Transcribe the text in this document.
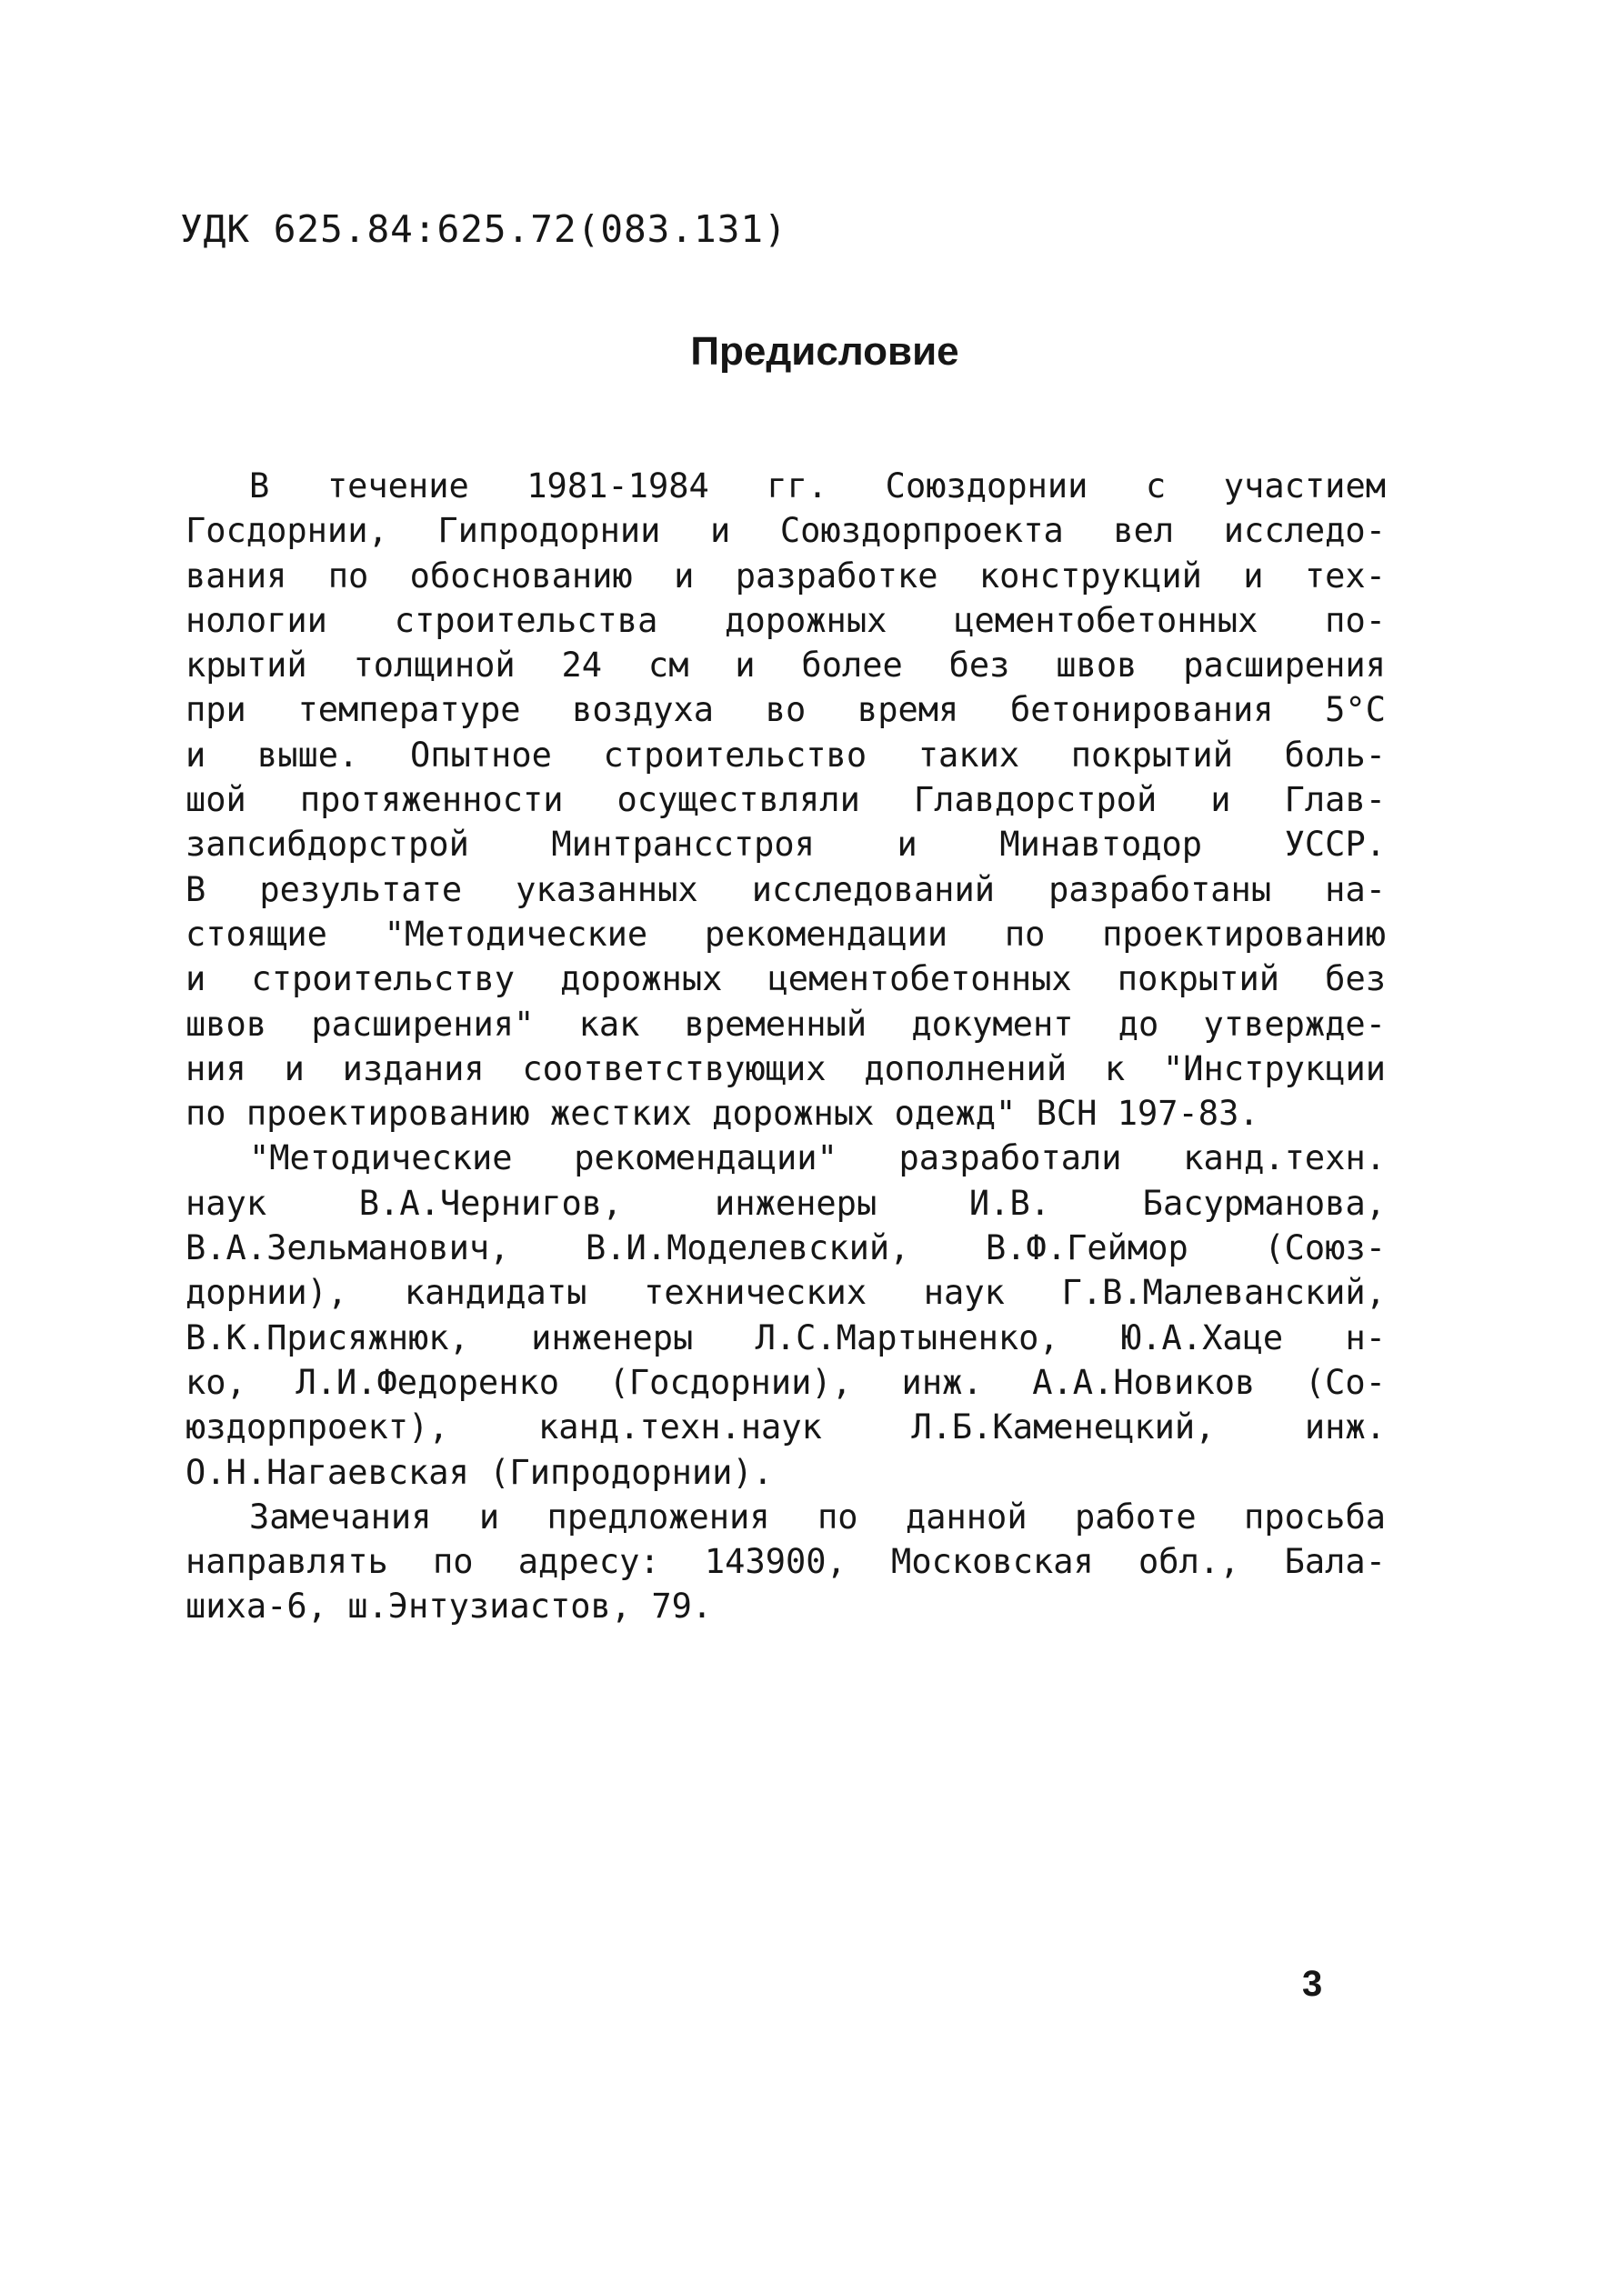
УДК 625.84:625.72(083.131)
Предисловие
В течение 1981-1984 гг. Союздорнии с участием
Госдорнии, Гипродорнии и Союздорпроекта вел исследо-
вания по обоснованию и разработке конструкций и тех-
нологии строительства дорожных цементобетонных по-
крытий толщиной 24 см и более без швов расширения
при температуре воздуха во время бетонирования 5°С
и выше. Опытное строительство таких покрытий боль-
шой протяженности осуществляли Главдорстрой и Глав-
запсибдорстрой Минтрансстроя и Минавтодор УССР.
В результате указанных исследований разработаны на-
стоящие "Методические рекомендации по проектированию
и строительству дорожных цементобетонных покрытий без
швов расширения" как временный документ до утвержде-
ния и издания соответствующих дополнений к "Инструкции
по проектированию жестких дорожных одежд" ВСН 197-83.
"Методические рекомендации" разработали канд.техн.
наук В.А.Чернигов, инженеры И.В. Басурманова,
В.А.Зельманович, В.И.Моделевский, В.Ф.Геймор (Союз-
дорнии), кандидаты технических наук Г.В.Малеванский,
В.К.Присяжнюк, инженеры Л.С.Мартыненко, Ю.А.Хаце н-
ко, Л.И.Федоренко (Госдорнии), инж. А.А.Новиков (Со-
юздорпроект), канд.техн.наук Л.Б.Каменецкий, инж.
О.Н.Нагаевская (Гипродорнии).
Замечания и предложения по данной работе просьба
направлять по адресу: 143900, Московская обл., Бала-
шиха-6, ш.Энтузиастов, 79.
3
